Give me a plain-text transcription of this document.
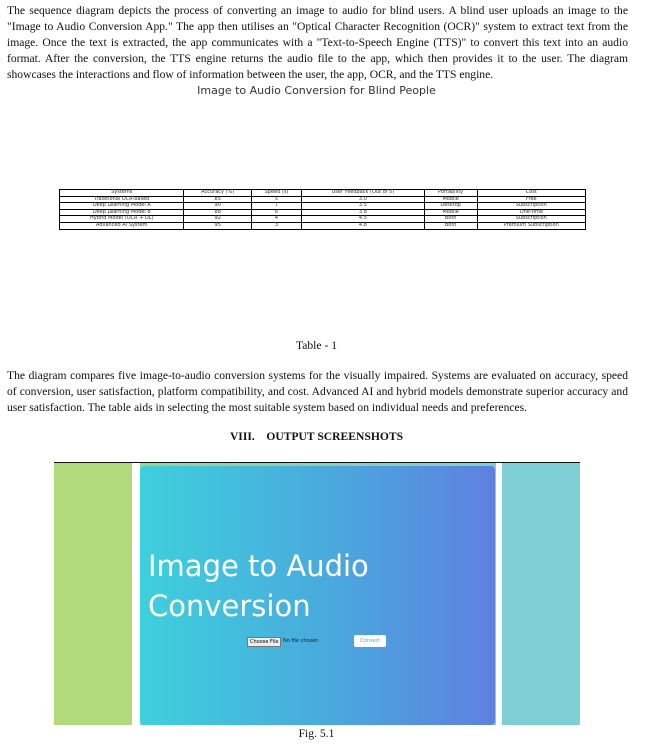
The sequence diagram depicts the process of converting an image to audio for blind users. A blind user uploads an image to the "Image to Audio Conversion App." The app then utilises an "Optical Character Recognition (OCR)" system to extract text from the image. Once the text is extracted, the app communicates with a "Text-to-Speech Engine (TTS)" to convert this text into an audio format. After the conversion, the TTS engine returns the audio file to the app, which then provides it to the user. The diagram showcases the interactions and flow of information between the user, the app, OCR, and the TTS engine.

Image to Audio Conversion for Blind People
Systems	Accuracy (%)	Speed (s)	User Feedback (Out of 5)	Portability	Cost
Traditional OCR-based	85	5	3.0	Mobile	Free
Deep Learning Model A	90	7	3.5	Desktop	Subscription
Deep Learning Model B	88	6	3.8	Mobile	One-time
Hybrid Model (OCR + DL)	92	4	4.5	Both	Subscription
Advanced AI System	95	3	4.8	Both	Premium Subscription
Table - 1

The diagram compares five image-to-audio conversion systems for the visually impaired. Systems are evaluated on accuracy, speed of conversion, user satisfaction, platform compatibility, and cost. Advanced AI and hybrid models demonstrate superior accuracy and user satisfaction. The table aids in selecting the most suitable system based on individual needs and preferences.

VIII.    OUTPUT SCREENSHOTS
Image to Audio Conversion
Choose File No file chosen	Convert
Fig. 5.1
